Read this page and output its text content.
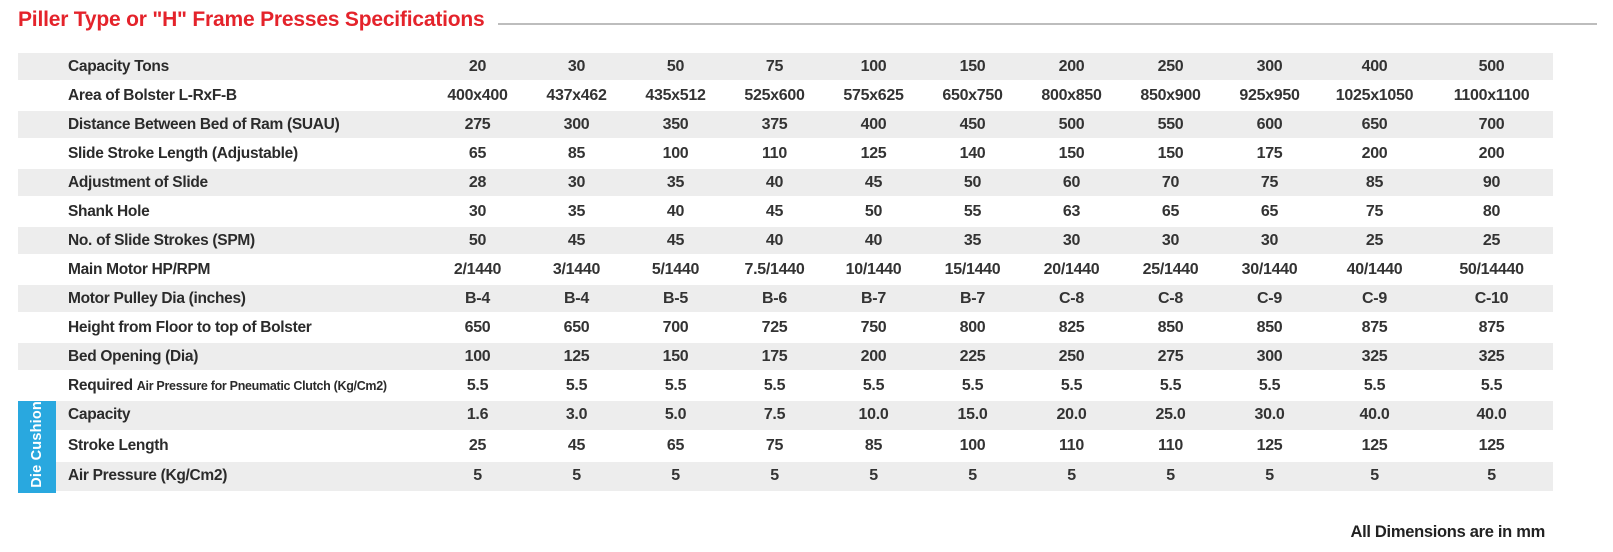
Piller Type or "H" Frame Presses Specifications
	Capacity Tons	20	30	50	75	100	150	200	250	300	400	500
	Area of Bolster L-RxF-B	400x400	437x462	435x512	525x600	575x625	650x750	800x850	850x900	925x950	1025x1050	1100x1100
	Distance Between Bed of Ram (SUAU)	275	300	350	375	400	450	500	550	600	650	700
	Slide Stroke Length (Adjustable)	65	85	100	110	125	140	150	150	175	200	200
	Adjustment of Slide	28	30	35	40	45	50	60	70	75	85	90
	Shank Hole	30	35	40	45	50	55	63	65	65	75	80
	No. of Slide Strokes (SPM)	50	45	45	40	40	35	30	30	30	25	25
	Main Motor HP/RPM	2/1440	3/1440	5/1440	7.5/1440	10/1440	15/1440	20/1440	25/1440	30/1440	40/1440	50/14440
	Motor Pulley Dia (inches)	B-4	B-4	B-5	B-6	B-7	B-7	C-8	C-8	C-9	C-9	C-10
	Height from Floor to top of Bolster	650	650	700	725	750	800	825	850	850	875	875
	Bed Opening (Dia)	100	125	150	175	200	225	250	275	300	325	325
	Required Air Pressure for Pneumatic Clutch (Kg/Cm2)	5.5	5.5	5.5	5.5	5.5	5.5	5.5	5.5	5.5	5.5	5.5
Die Cushion	Capacity	1.6	3.0	5.0	7.5	10.0	15.0	20.0	25.0	30.0	40.0	40.0
	Stroke Length	25	45	65	75	85	100	110	110	125	125	125
	Air Pressure (Kg/Cm2)	5	5	5	5	5	5	5	5	5	5	5
All Dimensions are in mm
